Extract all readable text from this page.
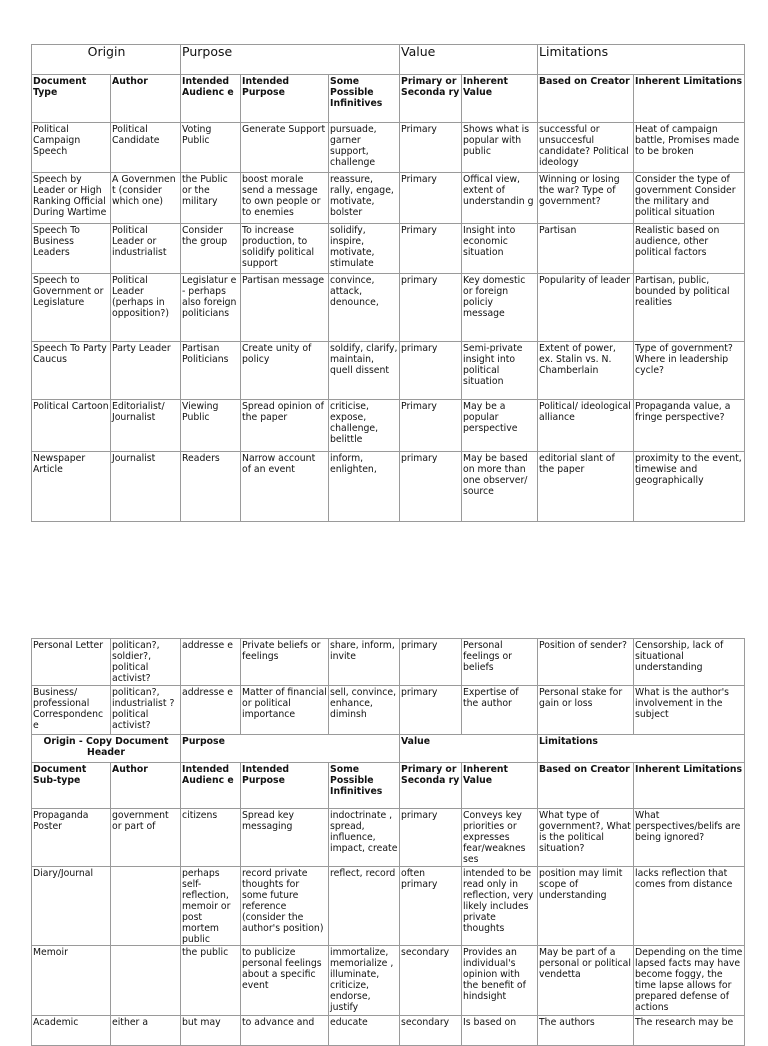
Origin		Purpose			Value		Limitations	
Document Type	Author	Intended Audienc e	Intended Purpose	Some Possible Infinitives	Primary or Seconda ry	Inherent Value	Based on Creator	Inherent Limitations
Political Campaign Speech	Political Candidate	Voting Public	Generate Support	pursuade, garner support, challenge	Primary	Shows what is popular with public	successful or unsuccesful candidate? Political ideology	Heat of campaign battle, Promises made to be broken
Speech by Leader or High Ranking Official During Wartime	A Governmen t (consider which one)	the Public or the military	boost morale send a message to own people or to enemies	reassure, rally, engage, motivate, bolster	Primary	Offical view, extent of understandin g	Winning or losing the war? Type of government?	Consider the type of government Consider the military and political situation
Speech To Business Leaders	Political Leader or industrialist	Consider the group	To increase production, to solidify political support	solidify, inspire, motivate, stimulate	Primary	Insight into economic situation	Partisan	Realistic based on audience, other political factors
Speech to Government or Legislature	Political Leader (perhaps in opposition?)	Legislatur e - perhaps also foreign politicians	Partisan message	convince, attack, denounce,	primary	Key domestic or foreign policiy message	Popularity of leader	Partisan, public, bounded by political realities
Speech To Party Caucus	Party Leader	Partisan Politicians	Create unity of policy	soldify, clarify, maintain, quell dissent	primary	Semi-private insight into political situation	Extent of power, ex. Stalin vs. N. Chamberlain	Type of government? Where in leadership cycle?
Political Cartoon	Editorialist/ Journalist	Viewing Public	Spread opinion of the paper	criticise, expose, challenge, belittle	Primary	May be a popular perspective	Political/ ideological alliance	Propaganda value, a fringe perspective?
Newspaper Article	Journalist	Readers	Narrow account of an event	inform, enlighten,	primary	May be based on more than one observer/ source	editorial slant of the paper	proximity to the event, timewise and geographically
Personal Letter	politican?, soldier?, political activist?	addresse e	Private beliefs or feelings	share, inform, invite	primary	Personal feelings or beliefs	Position of sender?	Censorship, lack of situational understanding
Business/ professional Correspondenc e	politican?, industrialist ? political activist?	addresse e	Matter of financial or political importance	sell, convince, enhance, diminsh	primary	Expertise of the author	Personal stake for gain or loss	What is the author's involvement in the subject
Origin - Copy Document Header		Purpose			Value		Limitations	
Document Sub-type	Author	Intended Audienc e	Intended Purpose	Some Possible Infinitives	Primary or Seconda ry	Inherent Value	Based on Creator	Inherent Limitations
Propaganda Poster	government or part of	citizens	Spread key messaging	indoctrinate , spread, influence, impact, create	primary	Conveys key priorities or expresses fear/weaknes ses	What type of government?, What is the political situation?	What perspectives/belifs are being ignored?
Diary/Journal		perhaps self-reflection, memoir or post mortem public	record private thoughts for some future reference (consider the author's position)	reflect, record	often primary	intended to be read only in reflection, very likely includes private thoughts	position may limit scope of understanding	lacks reflection that comes from distance
Memoir		the public	to publicize personal feelings about a specific event	immortalize, memorialize , illuminate, criticize, endorse, justify	secondary	Provides an individual's opinion with the benefit of hindsight	May be part of a personal or political vendetta	Depending on the time lapsed facts may have become foggy, the time lapse allows for prepared defense of actions
Academic	either a	but may	to advance and	educate	secondary	Is based on	The authors	The research may be
